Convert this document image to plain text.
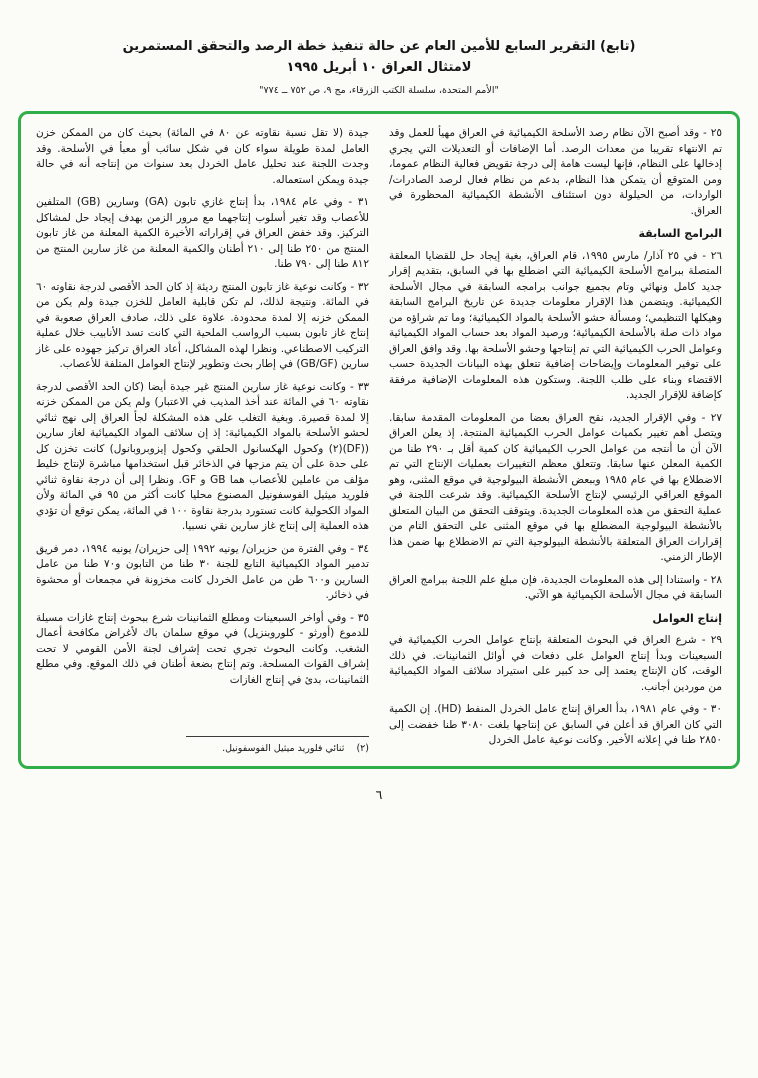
(تابع) التقرير السابع للأمين العام عن حالة تنفيذ خطة الرصد والتحقق المستمرين
لامتثال العراق ١٠ أبريل ١٩٩٥
"الأمم المتحدة، سلسلة الكتب الزرقاء، مج ٩، ص ٧٥٢ ــ ٧٧٤"

٢٥ - وقد أصبح الآن نظام رصد الأسلحة الكيميائية في العراق مهيأ للعمل وقد تم الانتهاء تقريبا من معدات الرصد. أما الإضافات أو التعديلات التي يجري إدخالها على النظام، فإنها ليست هامة إلى درجة تقويض فعالية النظام عموما، ومن المتوقع أن يتمكن هذا النظام، بدعم من نظام فعال لرصد الصادرات/الواردات، من الحيلولة دون استئناف الأنشطة الكيميائية المحظورة في العراق.

البرامج السابقة

٢٦ - في ٢٥ آذار/ مارس ١٩٩٥، قام العراق، بغية إيجاد حل للقضايا المعلقة المتصلة ببرامج الأسلحة الكيميائية التي اضطلع بها في السابق، بتقديم إقرار جديد كامل ونهائي وتام بجميع جوانب برامجه السابقة في مجال الأسلحة الكيميائية. ويتضمن هذا الإقرار معلومات جديدة عن تاريخ البرامج السابقة وهيكلها التنظيمي؛ ومسألة حشو الأسلحة بالمواد الكيميائية؛ وما تم شراؤه من مواد ذات صلة بالأسلحة الكيميائية؛ ورصيد المواد بعد حساب المواد الكيميائية وعوامل الحرب الكيميائية التي تم إنتاجها وحشو الأسلحة بها. وقد وافق العراق على توفير المعلومات وإيضاحات إضافية تتعلق بهذه البيانات الجديدة حسب الاقتضاء وبناء على طلب اللجنة. وستكون هذه المعلومات الإضافية مرفقة كإضافة للإقرار الجديد.

٢٧ - وفي الإقرار الجديد، نقح العراق بعضا من المعلومات المقدمة سابقا. ويتصل أهم تغيير بكميات عوامل الحرب الكيميائية المنتجة. إذ يعلن العراق الآن أن ما أنتجه من عوامل الحرب الكيميائية كان كمية أقل بـ ٢٩٠ طنا من الكمية المعلن عنها سابقا. وتتعلق معظم التغييرات بعمليات الإنتاج التي تم الاضطلاع بها في عام ١٩٨٥ وببعض الأنشطة البيولوجية في موقع المثنى، وهو الموقع العراقي الرئيسي لإنتاج الأسلحة الكيميائية. وقد شرعت اللجنة في عملية التحقق من هذه المعلومات الجديدة. ويتوقف التحقق من البيان المتعلق بالأنشطة البيولوجية المضطلع بها في موقع المثنى على التحقق التام من إقرارات العراق المتعلقة بالأنشطة البيولوجية التي تم الاضطلاع بها ضمن هذا الإطار الزمني.

٢٨ - واستنادا إلى هذه المعلومات الجديدة، فإن مبلغ علم اللجنة ببرامج العراق السابقة في مجال الأسلحة الكيميائية هو الآتي.

إنتاج العوامل

٢٩ - شرع العراق في البحوث المتعلقة بإنتاج عوامل الحرب الكيميائية في السبعينات وبدأ إنتاج العوامل على دفعات في أوائل الثمانينات. في ذلك الوقت، كان الإنتاج يعتمد إلى حد كبير على استيراد سلائف المواد الكيميائية من موردين أجانب.

٣٠ - وفي عام ١٩٨١، بدأ العراق إنتاج عامل الخردل المنفط (HD). إن الكمية التي كان العراق قد أعلن في السابق عن إنتاجها بلغت ٣٠٨٠ طنا خفضت إلى ٢٨٥٠ طنا في إعلانه الأخير. وكانت نوعية عامل الخردل

جيدة (لا تقل نسبة نقاوته عن ٨٠ في المائة) بحيث كان من الممكن خزن العامل لمدة طويلة سواء كان في شكل سائب أو معبأ في الأسلحة. وقد وجدت اللجنة عند تحليل عامل الخردل بعد سنوات من إنتاجه أنه في حالة جيدة ويمكن استعماله.

٣١ - وفي عام ١٩٨٤، بدأ إنتاج غازي تابون (GA) وسارين (GB) المتلفين للأعصاب وقد تغير أسلوب إنتاجهما مع مرور الزمن بهدف إيجاد حل لمشاكل التركيز. وقد خفض العراق في إقراراته الأخيرة الكمية المعلنة من غاز تابون المنتج من ٢٥٠ طنا إلى ٢١٠ أطنان والكمية المعلنة من غاز سارين المنتج من ٨١٢ طنا إلى ٧٩٠ طنا.

٣٢ - وكانت نوعية غاز تابون المنتج رديئة إذ كان الحد الأقصى لدرجة نقاوته ٦٠ في المائة. ونتيجة لذلك، لم تكن قابلية العامل للخزن جيدة ولم يكن من الممكن خزنه إلا لمدة محدودة. علاوة على ذلك، صادف العراق صعوبة في إنتاج غاز تابون بسبب الرواسب الملحية التي كانت تسد الأنابيب خلال عملية التركيب الاصطناعي. ونظرا لهذه المشاكل، أعاد العراق تركيز جهوده على غاز سارين (GB/GF) في إطار بحث وتطوير لإنتاج العوامل المتلفة للأعصاب.

٣٣ - وكانت نوعية غاز سارين المنتج غير جيدة أيضا (كان الحد الأقصى لدرجة نقاوته ٦٠ في المائة عند أخذ المذيب في الاعتبار) ولم يكن من الممكن خزنه إلا لمدة قصيرة. وبغية التغلب على هذه المشكلة لجأ العراق إلى نهج ثنائي لحشو الأسلحة بالمواد الكيميائية: إذ إن سلائف المواد الكيميائية لغاز سارين ((DF)(٢) وكحول الهكسانول الحلقي وكحول إيزوبروبانول) كانت تخزن كل على حدة على أن يتم مزجها في الذخائر قبل استخدامها مباشرة لإنتاج خليط مؤلف من عاملين للأعصاب هما GB و GF. ونظرا إلى أن درجة نقاوة ثنائي فلوريد ميثيل الفوسفونيل المصنوع محليا كانت أكثر من ٩٥ في المائة ولأن المواد الكحولية كانت تستورد بدرجة نقاوة ١٠٠ في المائة، يمكن توقع أن تؤدي هذه العملية إلى إنتاج غاز سارين نقي نسبيا.

٣٤ - وفي الفترة من حزيران/ يونيه ١٩٩٢ إلى حزيران/ يونيه ١٩٩٤، دمر فريق تدمير المواد الكيميائية التابع للجنة ٣٠ طنا من التابون و٧٠ طنا من عامل السارين و٦٠٠ طن من عامل الخردل كانت مخزونة في مجمعات أو محشوة في ذخائر.

٣٥ - وفي أواخر السبعينات ومطلع الثمانينات شرع ببحوث إنتاج غازات مسيلة للدموع (أورثو - كلوروبنزيل) في موقع سلمان باك لأغراض مكافحة أعمال الشغب. وكانت البحوث تجري تحت إشراف لجنة الأمن القومي لا تحت إشراف القوات المسلحة. وتم إنتاج بضعة أطنان في ذلك الموقع. وفي مطلع الثمانينات، بدئ في إنتاج الغازات

(٢)
ثنائي فلوريد ميثيل الفوسفونيل.
٦
